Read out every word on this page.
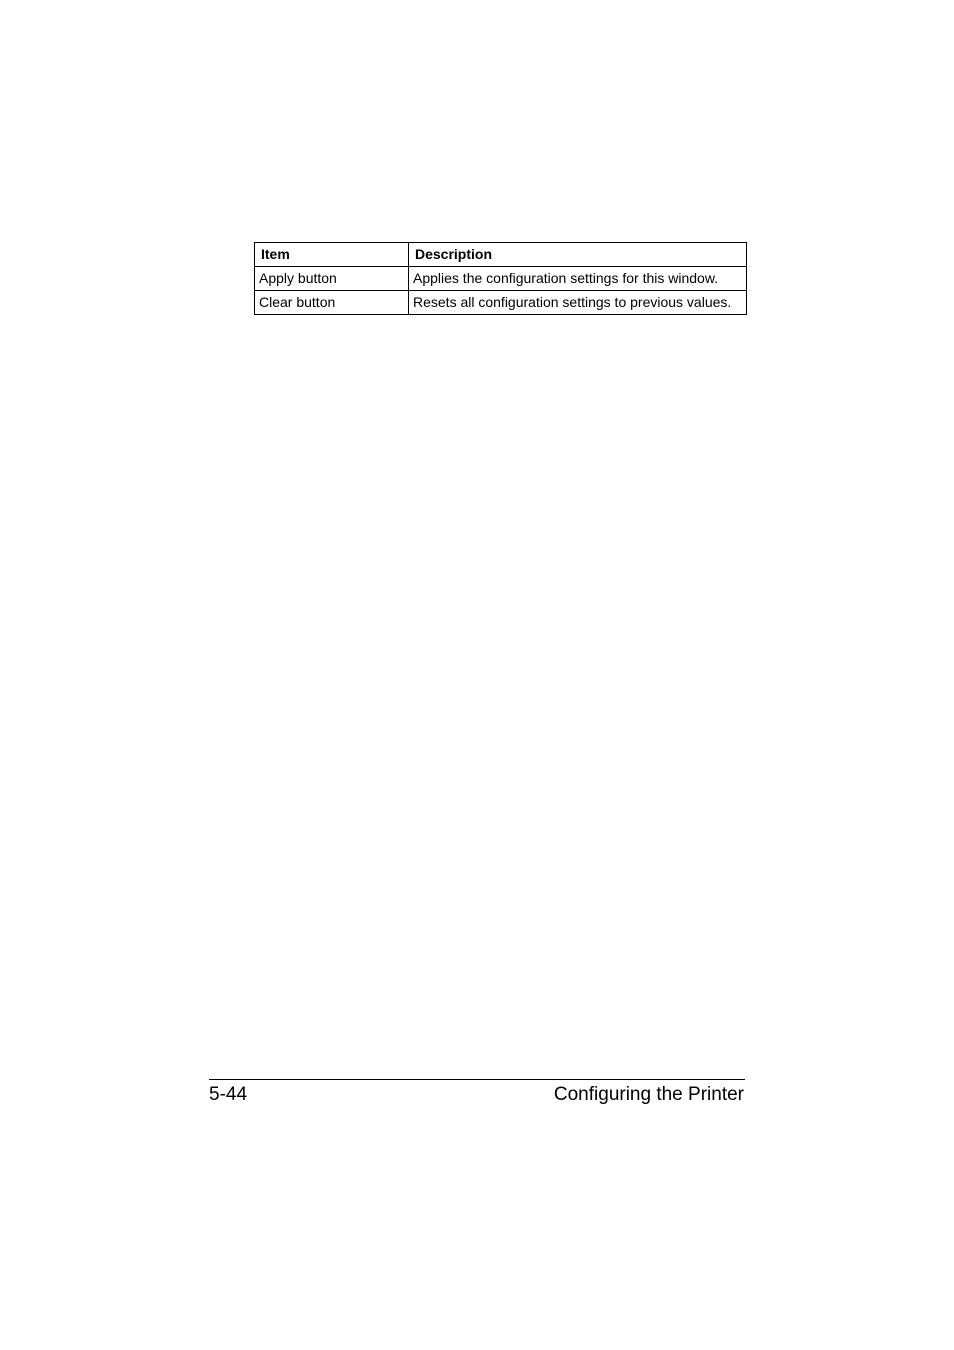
Item	Description
Apply button	Applies the configuration settings for this window.
Clear button	Resets all configuration settings to previous values.
5-44	Configuring the Printer
